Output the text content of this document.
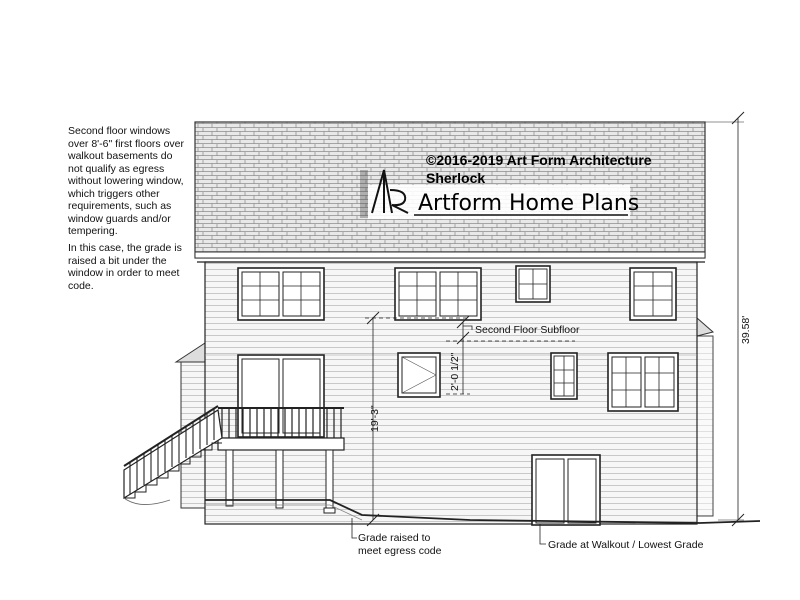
39.58'
19'-3"
2'-0 1/2"
Second Floor Subfloor
Grade raised to meet egress code	Grade at Walkout / Lowest Grade
©2016-2019 Art Form Architecture
Sherlock
Artform Home Plans

Second floor windows over 8'-6" first floors over walkout basements do not qualify as egress without lowering window, which triggers other requirements, such as window guards and/or tempering.

In this case, the grade is raised a bit under the window in order to meet code.
